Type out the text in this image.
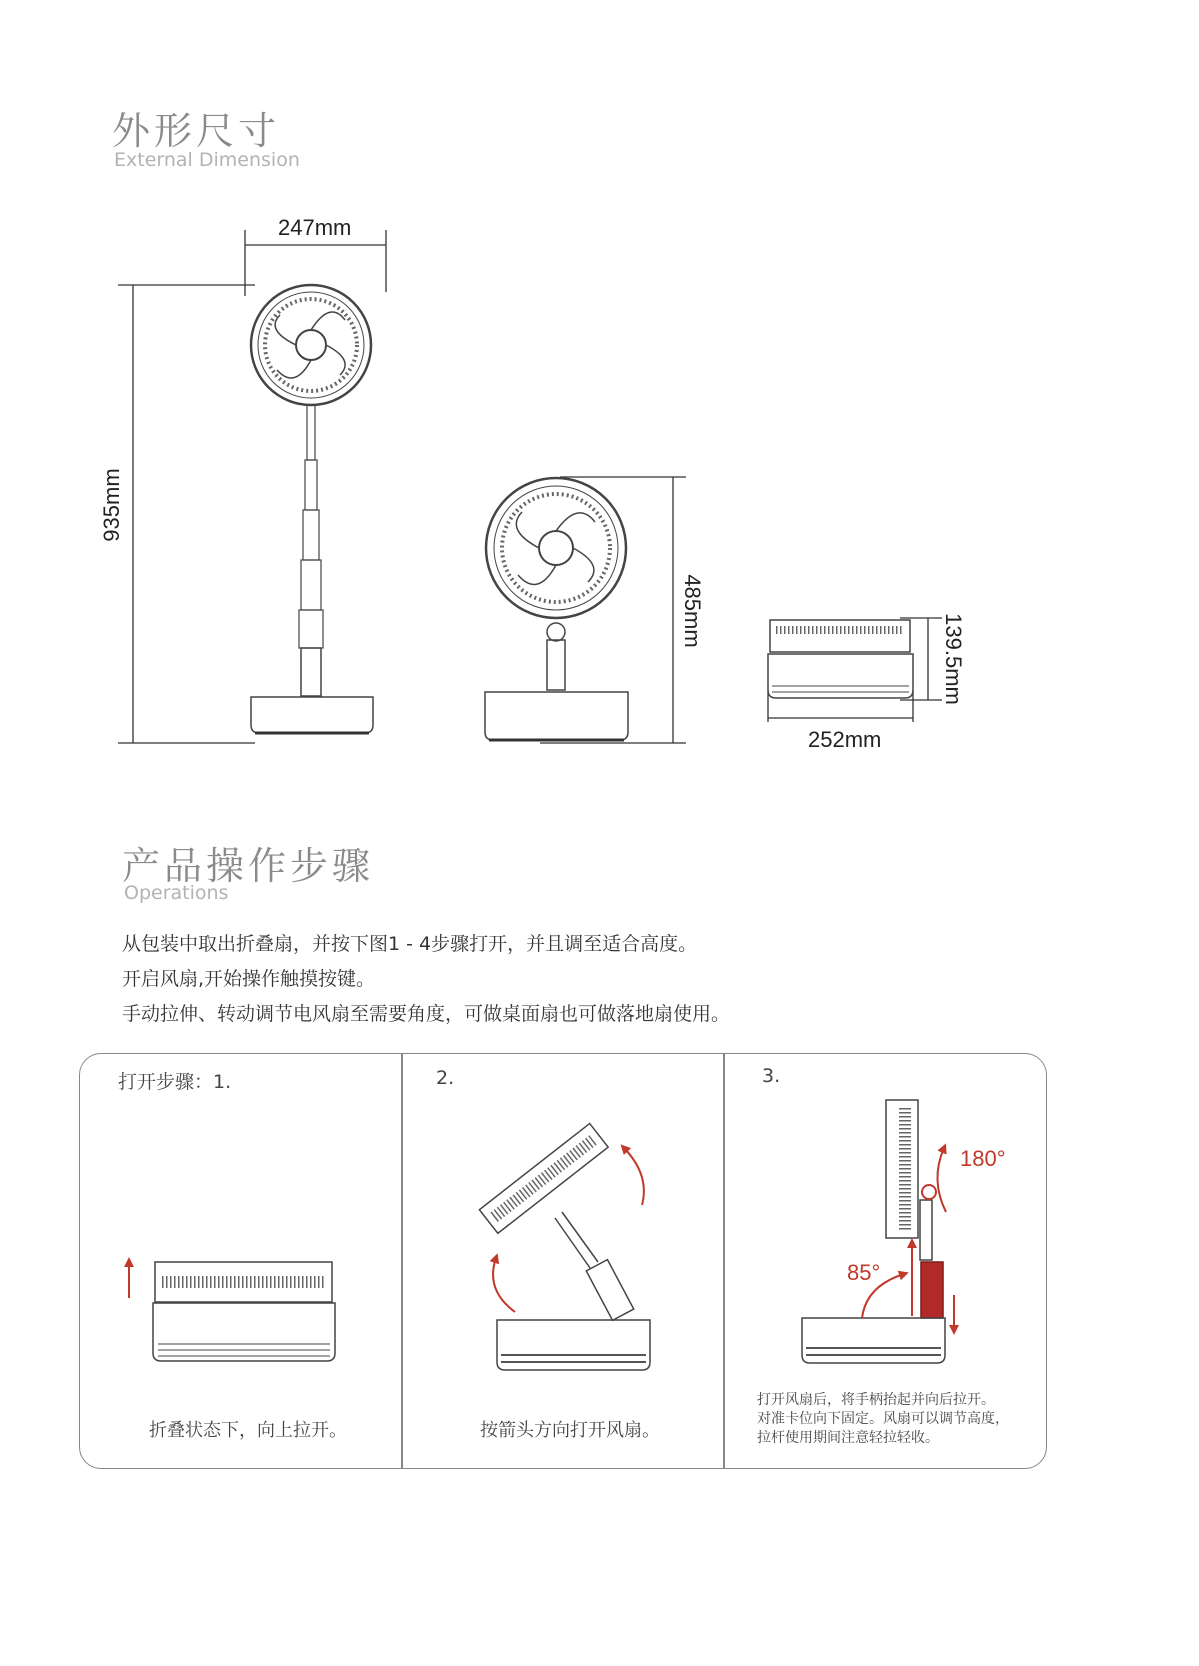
外形尺寸
External Dimension
247mm
935mm
485mm
139.5mm
252mm
产品操作步骤
Operations
从包装中取出折叠扇，并按下图1 - 4步骤打开，并且调至适合高度。
开启风扇,开始操作触摸按键。
手动拉伸、转动调节电风扇至需要角度，可做桌面扇也可做落地扇使用。
打开步骤：1.	2.	3.
180°
85°
折叠状态下，向上拉开。	按箭头方向打开风扇。
打开风扇后，将手柄抬起并向后拉开。
对准卡位向下固定。风扇可以调节高度，
拉杆使用期间注意轻拉轻收。
